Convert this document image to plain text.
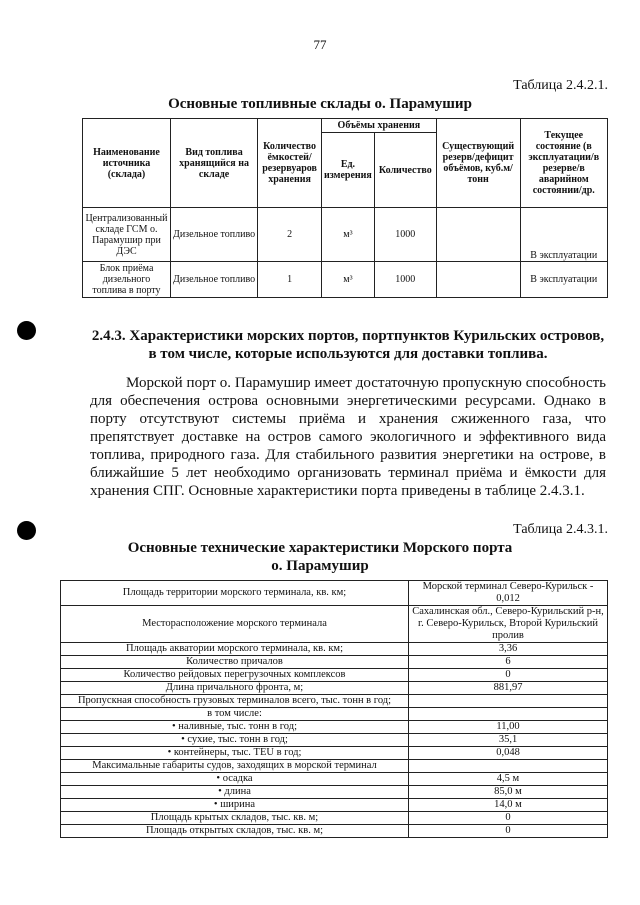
77
Таблица 2.4.2.1.
Основные топливные склады о. Парамушир
Наименование источника (склада)	Вид топлива хранящийся на складе	Количество ёмкостей/ резервуаров хранения	Объёмы хранения		Существующий резерв/дефицит объёмов, куб.м/тонн	Текущее состояние (в эксплуатации/в резерве/в аварийном состоянии/др.
			Ед. измерения	Количество		
Централизованный складе ГСМ о. Парамушир при ДЭС	Дизельное топливо	2	м³	1000		В эксплуатации
Блок приёма дизельного топлива в порту	Дизельное топливо	1	м³	1000		В эксплуатации
2.4.3. Характеристики морских портов, портпунктов Курильских островов, в том числе, которые используются для доставки топлива.
Морской порт о. Парамушир имеет достаточную пропускную способность для обеспечения острова основными энергетическими ресурсами. Однако в порту отсутствуют системы приёма и хранения сжиженного газа, что препятствует доставке на остров самого экологичного и эффективного вида топлива, природного газа. Для стабильного развития энергетики на острове, в ближайшие 5 лет необходимо организовать терминал приёма и ёмкости для хранения СПГ. Основные характеристики порта приведены в таблице 2.4.3.1.
Таблица 2.4.3.1.
Основные технические характеристики Морского порта
о. Парамушир
Площадь территории морского терминала, кв. км;	Морской терминал Северо-Курильск - 0,012
Месторасположение морского терминала	Сахалинская обл., Северо-Курильский р-н, г. Северо-Курильск, Второй Курильский пролив
Площадь акватории морского терминала, кв. км;	3,36
Количество причалов	6
Количество рейдовых перегрузочных комплексов	0
Длина причального фронта, м;	881,97
Пропускная способность грузовых терминалов всего, тыс. тонн в год;	
в том числе:	
• наливные, тыс. тонн в год;	11,00
• сухие, тыс. тонн в год;	35,1
• контейнеры, тыс. TEU в год;	0,048
Максимальные габариты судов, заходящих в морской терминал	
• осадка	4,5 м
• длина	85,0 м
• ширина	14,0 м
Площадь крытых складов, тыс. кв. м;	0
Площадь открытых складов, тыс. кв. м;	0
